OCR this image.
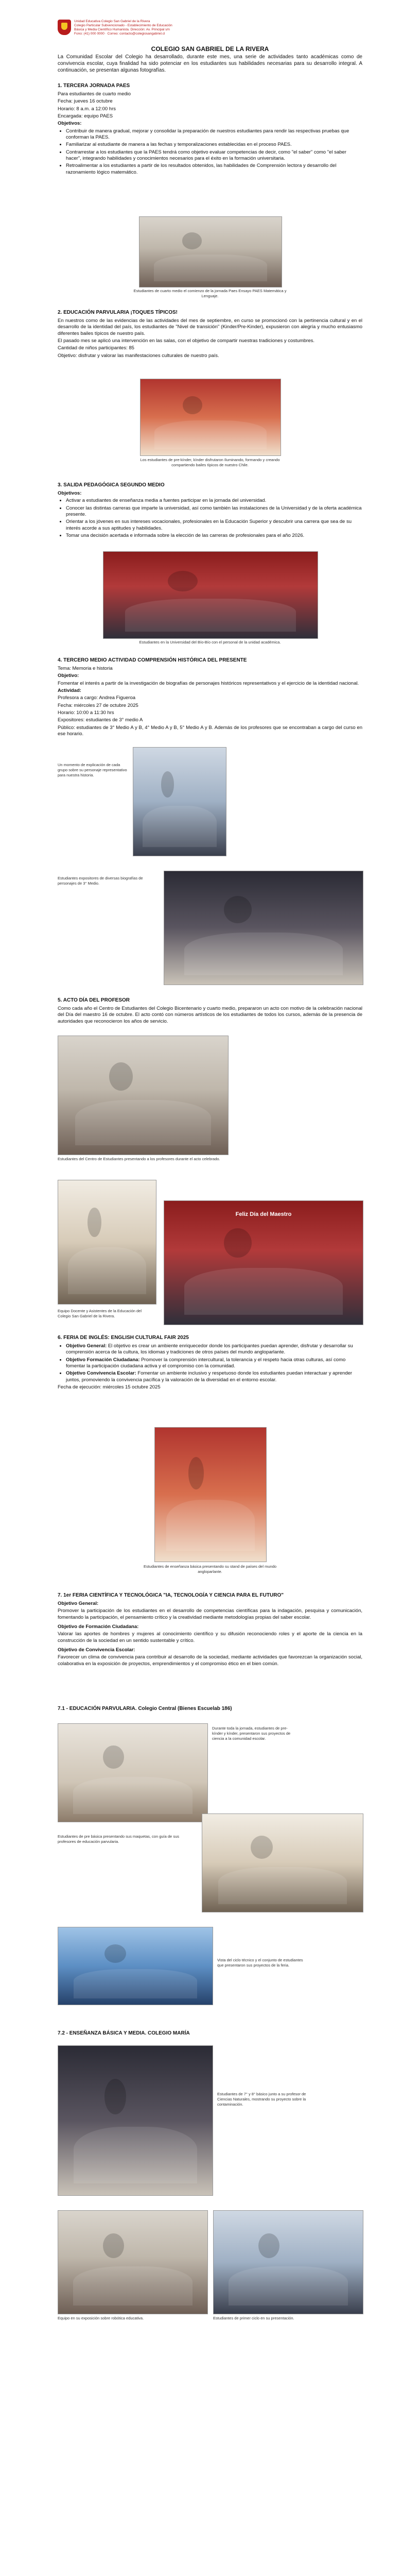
Unidad Educativa Colegio San Gabriel de la Rivera
Colegio Particular Subvencionado - Establecimiento de Educación
Básica y Media Científico Humanista. Dirección: Av. Principal s/n
Fono: (41) 000 0000 · Correo: contacto@colegiosangabriel.cl
COLEGIO SAN GABRIEL DE LA RIVERA
La Comunidad Escolar del Colegio ha desarrollado, durante este mes, una serie de actividades tanto académicas como de convivencia escolar, cuya finalidad ha sido potenciar en los estudiantes sus habilidades necesarias para su desarrollo integral. A continuación, se presentan algunas fotografías.
1. TERCERA JORNADA PAES

Para estudiantes de cuarto medio

Fecha: jueves 16 octubre

Horario: 8 a.m. a 12:00 hrs

Encargada: equipo PAES

Objetivos:

• Contribuir de manera gradual, mejorar y consolidar la preparación de nuestros estudiantes para rendir las respectivas pruebas que conforman la PAES.
• Familiarizar al estudiante de manera a las fechas y temporalizaciones establecidas en el proceso PAES.
• Contrarrestar a los estudiantes que la PAES tendrá como objetivo evaluar competencias de decir, como "el saber" como "el saber hacer", integrando habilidades y conocimientos necesarios para el éxito en la formación universitaria.
• Retroalimentar a los estudiantes a partir de los resultados obtenidos, las habilidades de Comprensión lectora y desarrollo del razonamiento lógico matemático.
Estudiantes de cuarto medio el comienzo de la jornada Paes Ensayo PAES Matemática y Lenguaje.
2. EDUCACIÓN PARVULARIA ¡TOQUES TÍPICOS!

En nuestros como de las evidencias de las actividades del mes de septiembre, en curso se promocionó con la pertinencia cultural y en el desarrollo de la identidad del país, los estudiantes de "Nivel de transición" (Kinder/Pre-Kinder), expusieron con alegría y mucho entusiasmo diferentes bailes típicos de nuestro país.

El pasado mes se aplicó una intervención en las salas, con el objetivo de compartir nuestras tradiciones y costumbres.

Cantidad de niños participantes: 85

Objetivo: disfrutar y valorar las manifestaciones culturales de nuestro país.

Los estudiantes de pre-kínder, kínder disfrutaron Iluminando, formando y creando compartiendo bailes típicos de nuestro Chile.
3. SALIDA PEDAGÓGICA SEGUNDO MEDIO

Objetivos:

• Activar a estudiantes de enseñanza media a fuentes participar en la jornada del universidad.
• Conocer las distintas carreras que imparte la universidad, así como también las instalaciones de la Universidad y de la oferta académica presente.
• Orientar a los jóvenes en sus intereses vocacionales, profesionales en la Educación Superior y descubrir una carrera que sea de su interés acorde a sus aptitudes y habilidades.
• Tomar una decisión acertada e informada sobre la elección de las carreras de profesionales para el año 2026.
Estudiantes en la Universidad del Bío-Bío con el personal de la unidad académica.
4. TERCERO MEDIO ACTIVIDAD COMPRENSIÓN HISTÓRICA DEL PRESENTE

Tema: Memoria e historia

Objetivo:

Fomentar el interés a partir de la investigación de biografías de personajes históricos representativos y el ejercicio de la identidad nacional.

Actividad:

Profesora a cargo: Andrea Figueroa

Fecha: miércoles 27 de octubre 2025

Horario: 10:00 a 11:30 hrs

Expositores: estudiantes de 3° medio A

Público: estudiantes de 3° Medio A y B, 4° Medio A y B, 5° Medio A y B. Además de los profesores que se encontraban a cargo del curso en ese horario.

Un momento de explicación de cada grupo sobre su personaje representativo para nuestra historia.
Estudiantes expositores de diversas biografías de personajes de 3° Medio.
5. ACTO DÍA DEL PROFESOR

Como cada año el Centro de Estudiantes del Colegio Bicentenario y cuarto medio, prepararon un acto con motivo de la celebración nacional del Día del maestro 16 de octubre. El acto contó con números artísticos de los estudiantes de todos los cursos, además de la presencia de autoridades que reconocieron los años de servicio.

Estudiantes del Centro de Estudiantes presentando a los profesores durante el acto celebrado.
Feliz Día del Maestro
Equipo Docente y Asistentes de la Educación del Colegio San Gabriel de la Rivera.
6. FERIA DE INGLÉS: ENGLISH CULTURAL FAIR 2025
• Objetivo General: El objetivo es crear un ambiente enriquecedor donde los participantes puedan aprender, disfrutar y desarrollar su comprensión acerca de la cultura, los idiomas y tradiciones de otros países del mundo angloparlante.
• Objetivo Formación Ciudadana: Promover la comprensión intercultural, la tolerancia y el respeto hacia otras culturas, así como fomentar la participación ciudadana activa y el compromiso con la comunidad.
• Objetivo Convivencia Escolar: Fomentar un ambiente inclusivo y respetuoso donde los estudiantes puedan interactuar y aprender juntos, promoviendo la convivencia pacífica y la valoración de la diversidad en el entorno escolar.

Fecha de ejecución: miércoles 15 octubre 2025

Estudiantes de enseñanza básica presentando su stand de países del mundo angloparlante.
7. 1er FERIA CIENTÍFICA Y TECNOLÓGICA "IA, TECNOLOGÍA Y CIENCIA PARA EL FUTURO"

Objetivo General:

Promover la participación de los estudiantes en el desarrollo de competencias científicas para la indagación, pesquisa y comunicación, fomentando la participación, el pensamiento crítico y la creatividad mediante metodologías propias del saber escolar.

Objetivo de Formación Ciudadana:

Valorar las aportes de hombres y mujeres al conocimiento científico y su difusión reconociendo roles y el aporte de la ciencia en la construcción de la sociedad en un sentido sustentable y crítico.

Objetivo de Convivencia Escolar:

Favorecer un clima de convivencia para contribuir al desarrollo de la sociedad, mediante actividades que favorezcan la organización social, colaborativa en la exposición de proyectos, emprendimientos y el compromiso ético en el bien común.

7.1 - EDUCACIÓN PARVULARIA. Colegio Central (Bienes Escuelab 186)
Durante toda la jornada, estudiantes de pre-kínder y kínder, presentaron sus proyectos de ciencia a la comunidad escolar.
Estudiantes de pre básica presentando sus maquetas, con guía de sus profesores de educación parvularia.
Vista del ciclo técnico y el conjunto de estudiantes que presentaron sus proyectos de la feria.
7.2 - ENSEÑANZA BÁSICA Y MEDIA. COLEGIO MARÍA
Estudiantes de 7° y 8° básico junto a su profesor de Ciencias Naturales, mostrando su proyecto sobre la contaminación.
Equipo en su exposición sobre robótica educativa.	Estudiantes de primer ciclo en su presentación.
